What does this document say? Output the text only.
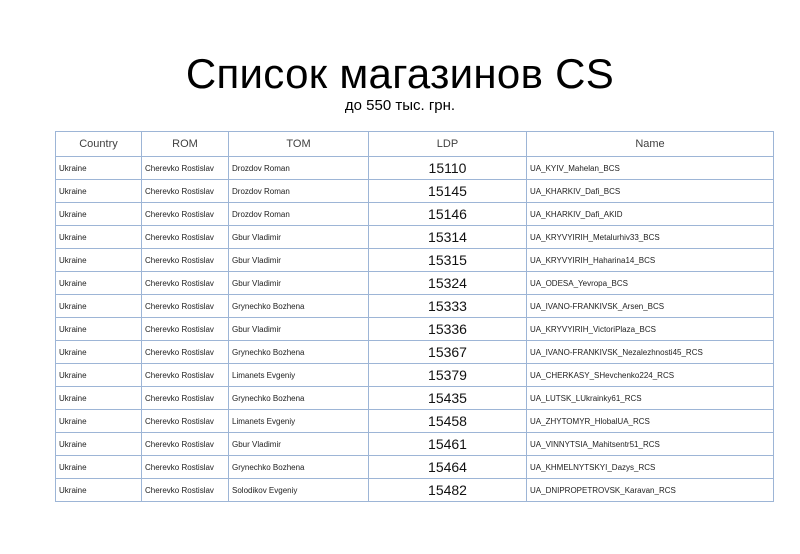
Список магазинов CS
до 550 тыс. грн.
Country	ROM	TOM	LDP	Name
Ukraine	Cherevko Rostislav	Drozdov Roman	15110	UA_KYIV_Mahelan_BCS
Ukraine	Cherevko Rostislav	Drozdov Roman	15145	UA_KHARKIV_Dafi_BCS
Ukraine	Cherevko Rostislav	Drozdov Roman	15146	UA_KHARKIV_Dafi_AKID
Ukraine	Cherevko Rostislav	Gbur Vladimir	15314	UA_KRYVYIRIH_Metalurhiv33_BCS
Ukraine	Cherevko Rostislav	Gbur Vladimir	15315	UA_KRYVYIRIH_Haharina14_BCS
Ukraine	Cherevko Rostislav	Gbur Vladimir	15324	UA_ODESA_Yevropa_BCS
Ukraine	Cherevko Rostislav	Grynechko Bozhena	15333	UA_IVANO-FRANKIVSK_Arsen_BCS
Ukraine	Cherevko Rostislav	Gbur Vladimir	15336	UA_KRYVYIRIH_VictoriPlaza_BCS
Ukraine	Cherevko Rostislav	Grynechko Bozhena	15367	UA_IVANO-FRANKIVSK_Nezalezhnosti45_RCS
Ukraine	Cherevko Rostislav	Limanets Evgeniy	15379	UA_CHERKASY_SHevchenko224_RCS
Ukraine	Cherevko Rostislav	Grynechko Bozhena	15435	UA_LUTSK_LUkrainky61_RCS
Ukraine	Cherevko Rostislav	Limanets Evgeniy	15458	UA_ZHYTOMYR_HlobalUA_RCS
Ukraine	Cherevko Rostislav	Gbur Vladimir	15461	UA_VINNYTSIA_Mahitsentr51_RCS
Ukraine	Cherevko Rostislav	Grynechko Bozhena	15464	UA_KHMELNYTSKYI_Dazys_RCS
Ukraine	Cherevko Rostislav	Solodikov Evgeniy	15482	UA_DNIPROPETROVSK_Karavan_RCS
